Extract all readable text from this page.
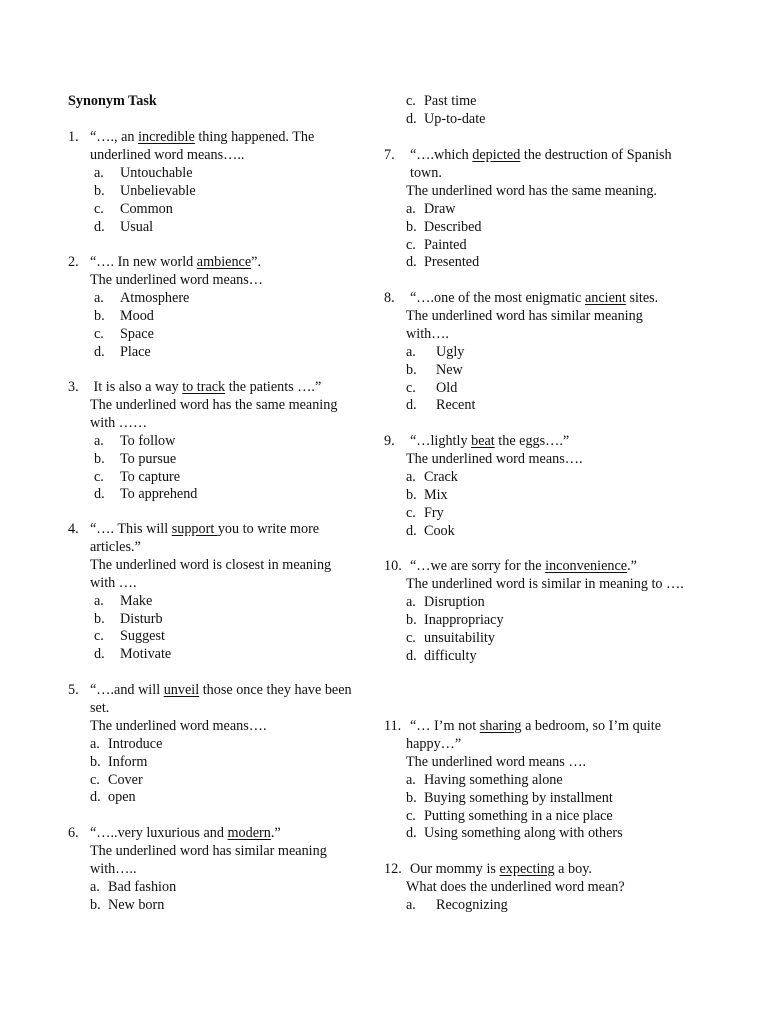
Synonym Task
1. “…., an incredible thing happened. The underlined word means…..
a.	Untouchable
b.	Unbelievable
c.	Common
d.	Usual
2. “…. In new world ambience”.
The underlined word means…
a.	Atmosphere
b.	Mood
c.	Space
d.	Place
3. It is also a way to track the patients ….”
The underlined word has the same meaning with ……
a.	To follow
b.	To pursue
c.	To capture
d.	To apprehend
4. “…. This will support you to write more articles.”
The underlined word is closest in meaning with ….
a.	Make
b.	Disturb
c.	Suggest
d.	Motivate
5. “….and will unveil those once they have been set.
The underlined word means….
a. Introduce
b. Inform
c. Cover
d. open
6. “…..very luxurious and modern.”
The underlined word has similar meaning with…..
a. Bad fashion
b. New born
c. Past time
d. Up-to-date
7. “….which depicted the destruction of Spanish town.
The underlined word has the same meaning.
a. Draw
b. Described
c. Painted
d. Presented
8. “….one of the most enigmatic ancient sites.
The underlined word has similar meaning with….
a. Ugly
b. New
c. Old
d. Recent
9. “…lightly beat the eggs….”
The underlined word means….
a. Crack
b. Mix
c. Fry
d. Cook
10. “…we are sorry for the inconvenience.”
The underlined word is similar in meaning to ….
a. Disruption
b. Inappropriacy
c. unsuitability
d. difficulty
11. “… I’m not sharing a bedroom, so I’m quite happy…”
The underlined word means ….
a. Having something alone
b. Buying something by installment
c. Putting something in a nice place
d. Using something along with others
12. Our mommy is expecting a boy.
What does the underlined word mean?
a. Recognizing
